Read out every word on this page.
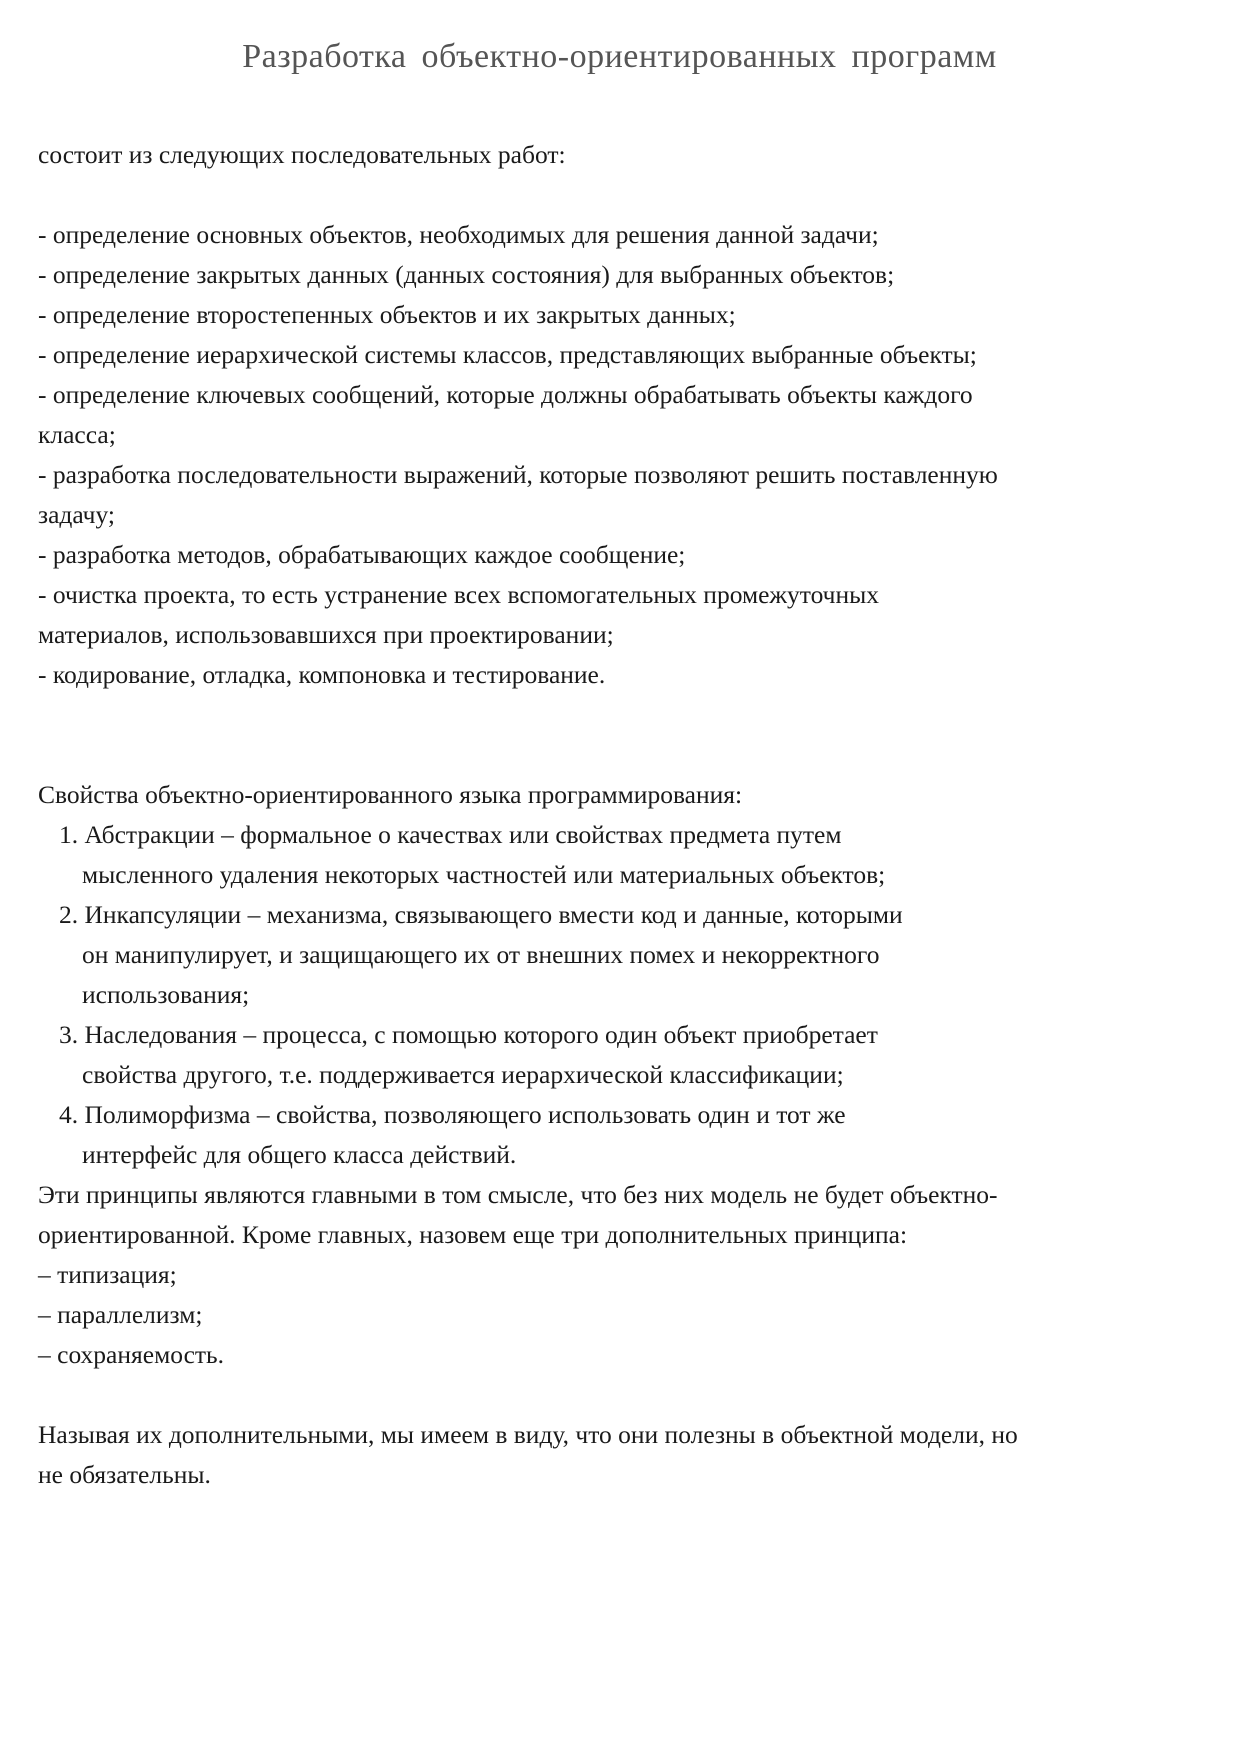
Разработка объектно-ориентированных программ
состоит из следующих последовательных работ:
- определение основных объектов, необходимых для решения данной задачи;
- определение закрытых данных (данных состояния) для выбранных объектов;
- определение второстепенных объектов и их закрытых данных;
- определение иерархической системы классов, представляющих выбранные объекты;
- определение ключевых сообщений, которые должны обрабатывать объекты каждого
класса;
- разработка последовательности выражений, которые позволяют решить поставленную
задачу;
- разработка методов, обрабатывающих каждое сообщение;
- очистка проекта, то есть устранение всех вспомогательных промежуточных
материалов, использовавшихся при проектировании;
- кодирование, отладка, компоновка и тестирование.
Свойства объектно-ориентированного языка программирования:
1. Абстракции – формальное о качествах или свойствах предмета путем
мысленного удаления некоторых частностей или материальных объектов;
2. Инкапсуляции – механизма, связывающего вмести код и данные, которыми
он манипулирует, и защищающего их от внешних помех и некорректного
использования;
3. Наследования – процесса, с помощью которого один объект приобретает
свойства другого, т.е. поддерживается иерархической классификации;
4. Полиморфизма – свойства, позволяющего использовать один и тот же
интерфейс для общего класса действий.
Эти принципы являются главными в том смысле, что без них модель не будет объектно-
ориентированной. Кроме главных, назовем еще три дополнительных принципа:
– типизация;
– параллелизм;
– сохраняемость.
Называя их дополнительными, мы имеем в виду, что они полезны в объектной модели, но
не обязательны.
